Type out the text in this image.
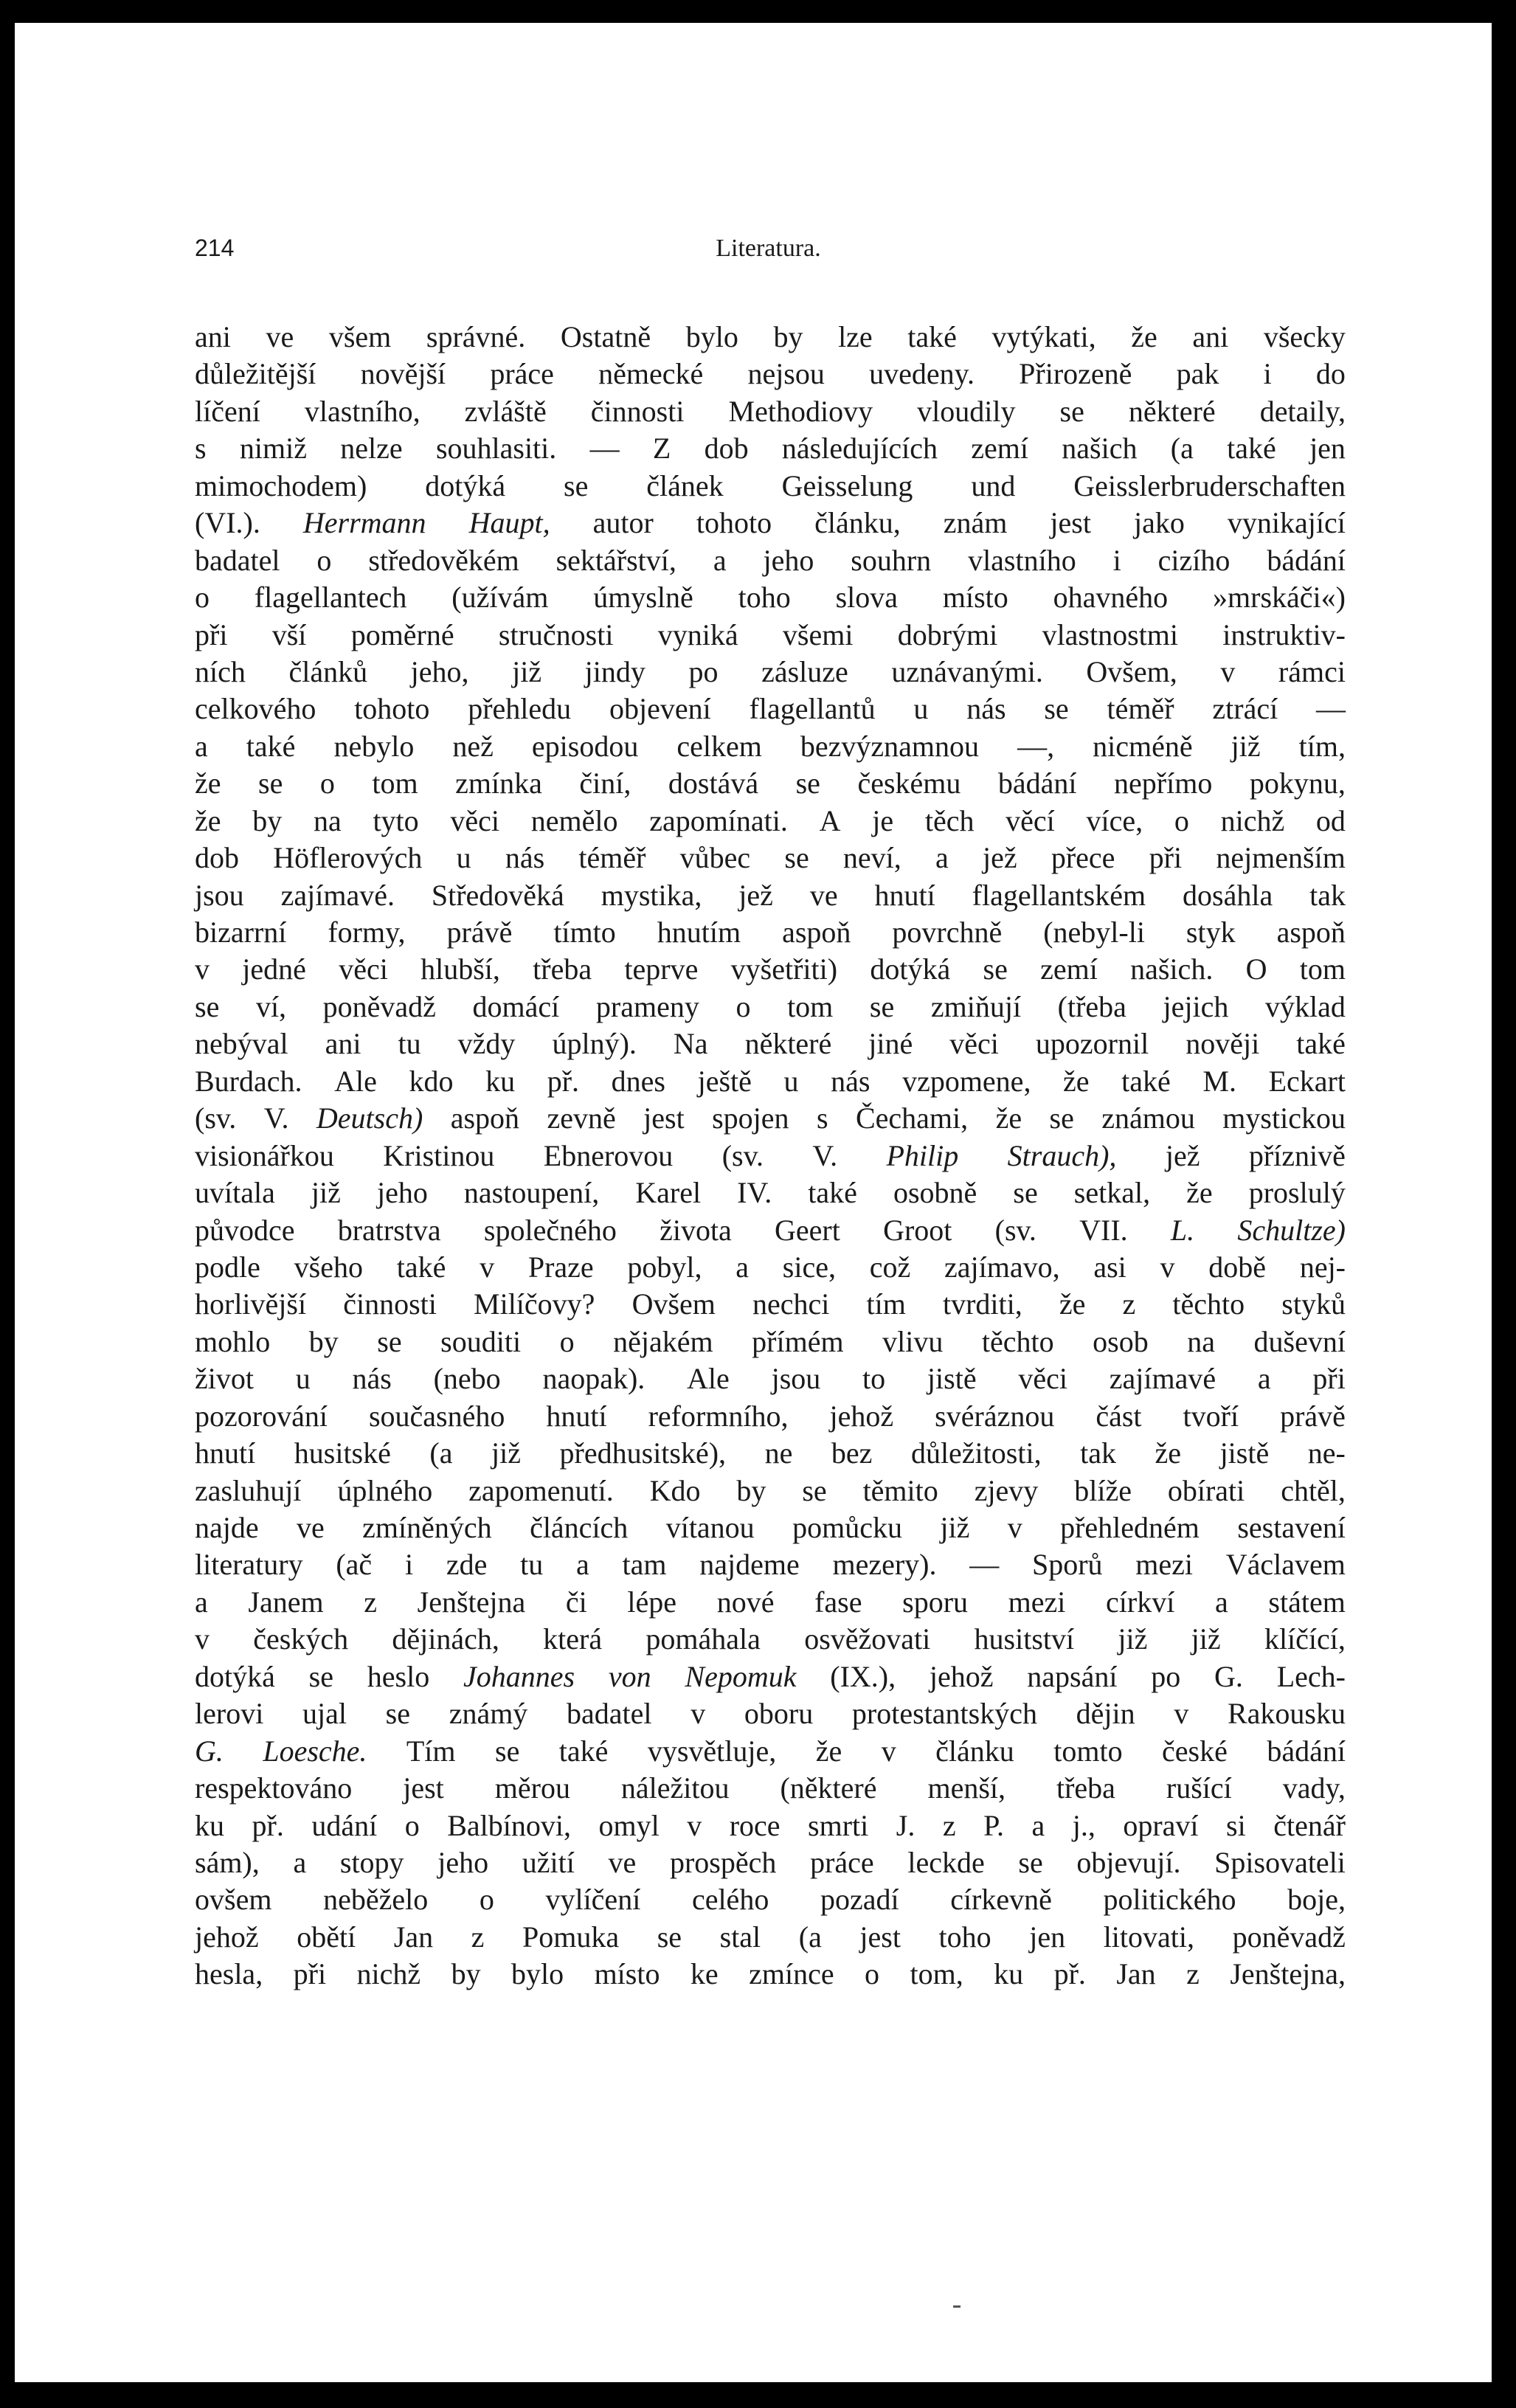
214	Literatura.
ani ve všem správné. Ostatně bylo by lze také vytýkati, že ani všecky
důležitější novější práce německé nejsou uvedeny. Přirozeně pak i do
líčení vlastního, zvláště činnosti Methodiovy vloudily se některé detaily,
s nimiž nelze souhlasiti. — Z dob následujících zemí našich (a také jen
mimochodem) dotýká se článek Geisselung und Geisslerbruderschaften
(VI.). Herrmann Haupt, autor tohoto článku, znám jest jako vynikající
badatel o středověkém sektářství, a jeho souhrn vlastního i cizího bádání
o flagellantech (užívám úmyslně toho slova místo ohavného »mrskáči«)
při vší poměrné stručnosti vyniká všemi dobrými vlastnostmi instruktiv-
ních článků jeho, již jindy po zásluze uznávanými. Ovšem, v rámci
celkového tohoto přehledu objevení flagellantů u nás se téměř ztrácí —
a také nebylo než episodou celkem bezvýznamnou —, nicméně již tím,
že se o tom zmínka činí, dostává se českému bádání nepřímo pokynu,
že by na tyto věci nemělo zapomínati. A je těch věcí více, o nichž od
dob Höflerových u nás téměř vůbec se neví, a jež přece při nejmenším
jsou zajímavé. Středověká mystika, jež ve hnutí flagellantském dosáhla tak
bizarrní formy, právě tímto hnutím aspoň povrchně (nebyl-li styk aspoň
v jedné věci hlubší, třeba teprve vyšetřiti) dotýká se zemí našich. O tom
se ví, poněvadž domácí prameny o tom se zmiňují (třeba jejich výklad
nebýval ani tu vždy úplný). Na některé jiné věci upozornil nověji také
Burdach. Ale kdo ku př. dnes ještě u nás vzpomene, že také M. Eckart
(sv. V. Deutsch) aspoň zevně jest spojen s Čechami, že se známou mystickou
visionářkou Kristinou Ebnerovou (sv. V. Philip Strauch), jež příznivě
uvítala již jeho nastoupení, Karel IV. také osobně se setkal, že proslulý
původce bratrstva společného života Geert Groot (sv. VII. L. Schultze)
podle všeho také v Praze pobyl, a sice, což zajímavo, asi v době nej-
horlivější činnosti Milíčovy? Ovšem nechci tím tvrditi, že z těchto styků
mohlo by se souditi o nějakém přímém vlivu těchto osob na duševní
život u nás (nebo naopak). Ale jsou to jistě věci zajímavé a při
pozorování současného hnutí reformního, jehož svéráznou část tvoří právě
hnutí husitské (a již předhusitské), ne bez důležitosti, tak že jistě ne-
zasluhují úplného zapomenutí. Kdo by se těmito zjevy blíže obírati chtěl,
najde ve zmíněných článcích vítanou pomůcku již v přehledném sestavení
literatury (ač i zde tu a tam najdeme mezery). — Sporů mezi Václavem
a Janem z Jenštejna či lépe nové fase sporu mezi církví a státem
v českých dějinách, která pomáhala osvěžovati husitství již již klíčící,
dotýká se heslo Johannes von Nepomuk (IX.), jehož napsání po G. Lech-
lerovi ujal se známý badatel v oboru protestantských dějin v Rakousku
G. Loesche. Tím se také vysvětluje, že v článku tomto české bádání
respektováno jest měrou náležitou (některé menší, třeba rušící vady,
ku př. udání o Balbínovi, omyl v roce smrti J. z P. a j., opraví si čtenář
sám), a stopy jeho užití ve prospěch práce leckde se objevují. Spisovateli
ovšem neběželo o vylíčení celého pozadí církevně politického boje,
jehož obětí Jan z Pomuka se stal (a jest toho jen litovati, poněvadž
hesla, při nichž by bylo místo ke zmínce o tom, ku př. Jan z Jenštejna,
